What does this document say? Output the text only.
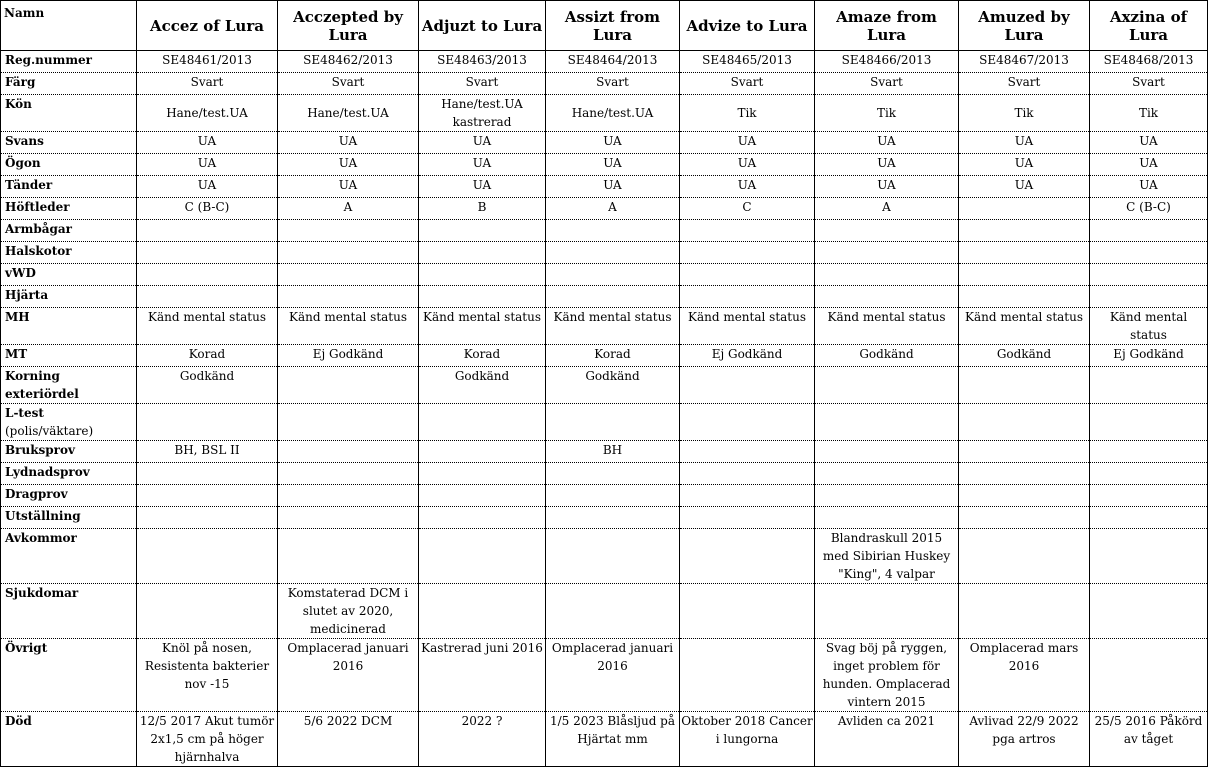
Namn	Accez of Lura	Acczepted by Lura	Adjuzt to Lura	Assizt from Lura	Advize to Lura	Amaze from Lura	Amuzed by Lura	Axzina of Lura
Reg.nummer	SE48461/2013	SE48462/2013	SE48463/2013	SE48464/2013	SE48465/2013	SE48466/2013	SE48467/2013	SE48468/2013
Färg	Svart	Svart	Svart	Svart	Svart	Svart	Svart	Svart
Kön	Hane/test.UA	Hane/test.UA	Hane/test.UA kastrerad	Hane/test.UA	Tik	Tik	Tik	Tik
Svans	UA	UA	UA	UA	UA	UA	UA	UA
Ögon	UA	UA	UA	UA	UA	UA	UA	UA
Tänder	UA	UA	UA	UA	UA	UA	UA	UA
Höftleder	C (B-C)	A	B	A	C	A		C (B-C)
Armbågar								
Halskotor								
vWD								
Hjärta								
MH	Känd mental status	Känd mental status	Känd mental status	Känd mental status	Känd mental status	Känd mental status	Känd mental status	Känd mental status
MT	Korad	Ej Godkänd	Korad	Korad	Ej Godkänd	Godkänd	Godkänd	Ej Godkänd
Korning exteriördel	Godkänd		Godkänd	Godkänd				
L-test (polis/väktare)								
Bruksprov	BH, BSL II			BH				
Lydnadsprov								
Dragprov								
Utställning								
Avkommor						Blandraskull 2015 med Sibirian Huskey "King", 4 valpar		
Sjukdomar		Komstaterad DCM i slutet av 2020, medicinerad						
Övrigt	Knöl på nosen, Resistenta bakterier nov -15	Omplacerad januari 2016	Kastrerad juni 2016	Omplacerad januari 2016		Svag böj på ryggen, inget problem för hunden. Omplacerad vintern 2015	Omplacerad mars 2016	
Död	12/5 2017 Akut tumör 2x1,5 cm på höger hjärnhalva	5/6 2022 DCM	2022 ?	1/5 2023 Blåsljud på Hjärtat mm	Oktober 2018 Cancer i lungorna	Avliden ca 2021	Avlivad 22/9 2022 pga artros	25/5 2016 Påkörd av tåget
